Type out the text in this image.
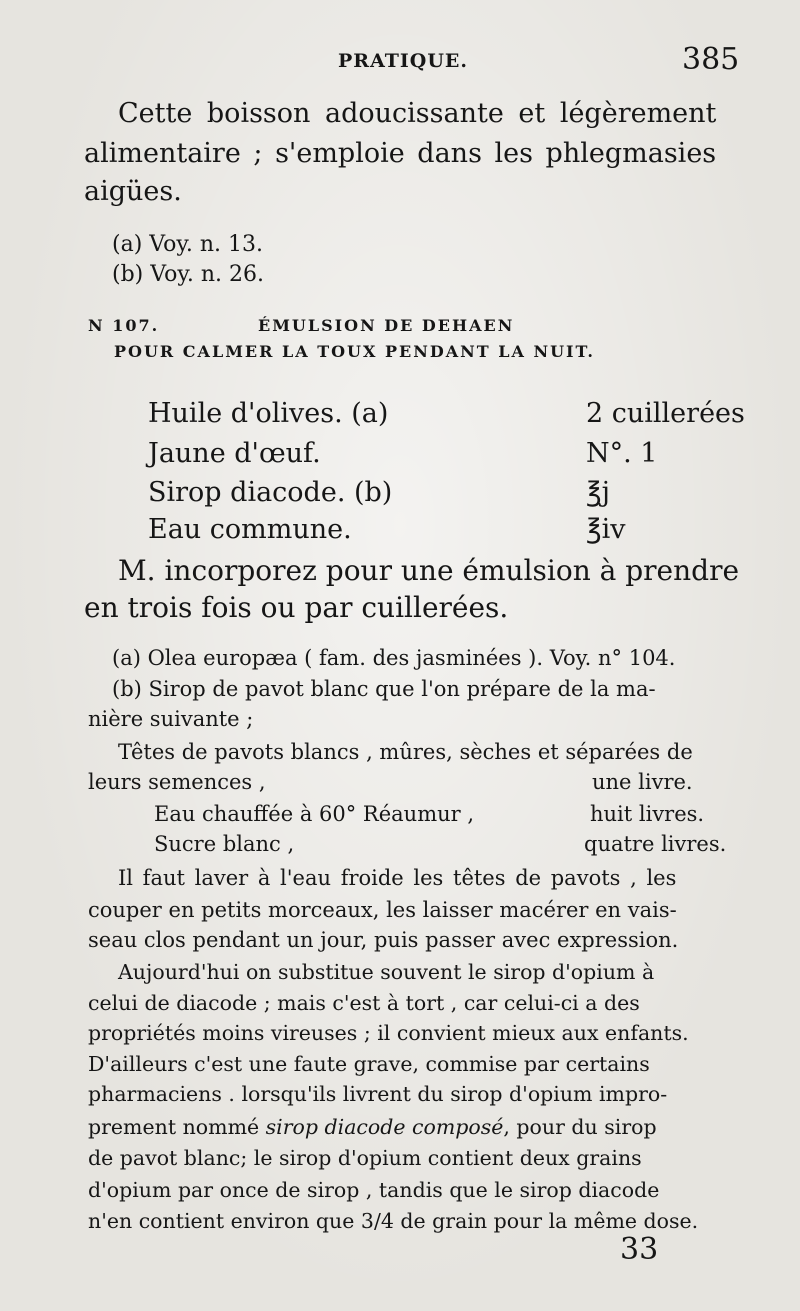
PRATIQUE.	385
Cette boisson adoucissante et légèrement
alimentaire ; s'emploie dans les phlegmasies
aigües.
(a) Voy. n. 13.
(b) Voy. n. 26.
N 107.	ÉMULSION DE DEHAEN
POUR CALMER LA TOUX PENDANT LA NUIT.
Huile d'olives. (a)	2 cuillerées
Jaune d'œuf.	N°. 1
Sirop diacode. (b)	℥j
Eau commune.	℥iv
M. incorporez pour une émulsion à prendre
en trois fois ou par cuillerées.
(a) Olea europæa ( fam. des jasminées ). Voy. n° 104.
(b) Sirop de pavot blanc que l'on prépare de la ma-
nière suivante ;
Têtes de pavots blancs , mûres, sèches et séparées de
leurs semences ,	une livre.
Eau chauffée à 60° Réaumur ,	huit livres.
Sucre blanc ,	quatre livres.
Il faut laver à l'eau froide les têtes de pavots , les
couper en petits morceaux, les laisser macérer en vais-
seau clos pendant un jour, puis passer avec expression.
Aujourd'hui on substitue souvent le sirop d'opium à
celui de diacode ; mais c'est à tort , car celui-ci a des
propriétés moins vireuses ; il convient mieux aux enfants.
D'ailleurs c'est une faute grave, commise par certains
pharmaciens . lorsqu'ils livrent du sirop d'opium impro-
prement nommé sirop diacode composé, pour du sirop
de pavot blanc; le sirop d'opium contient deux grains
d'opium par once de sirop , tandis que le sirop diacode
n'en contient environ que 3/4 de grain pour la même dose.
33
